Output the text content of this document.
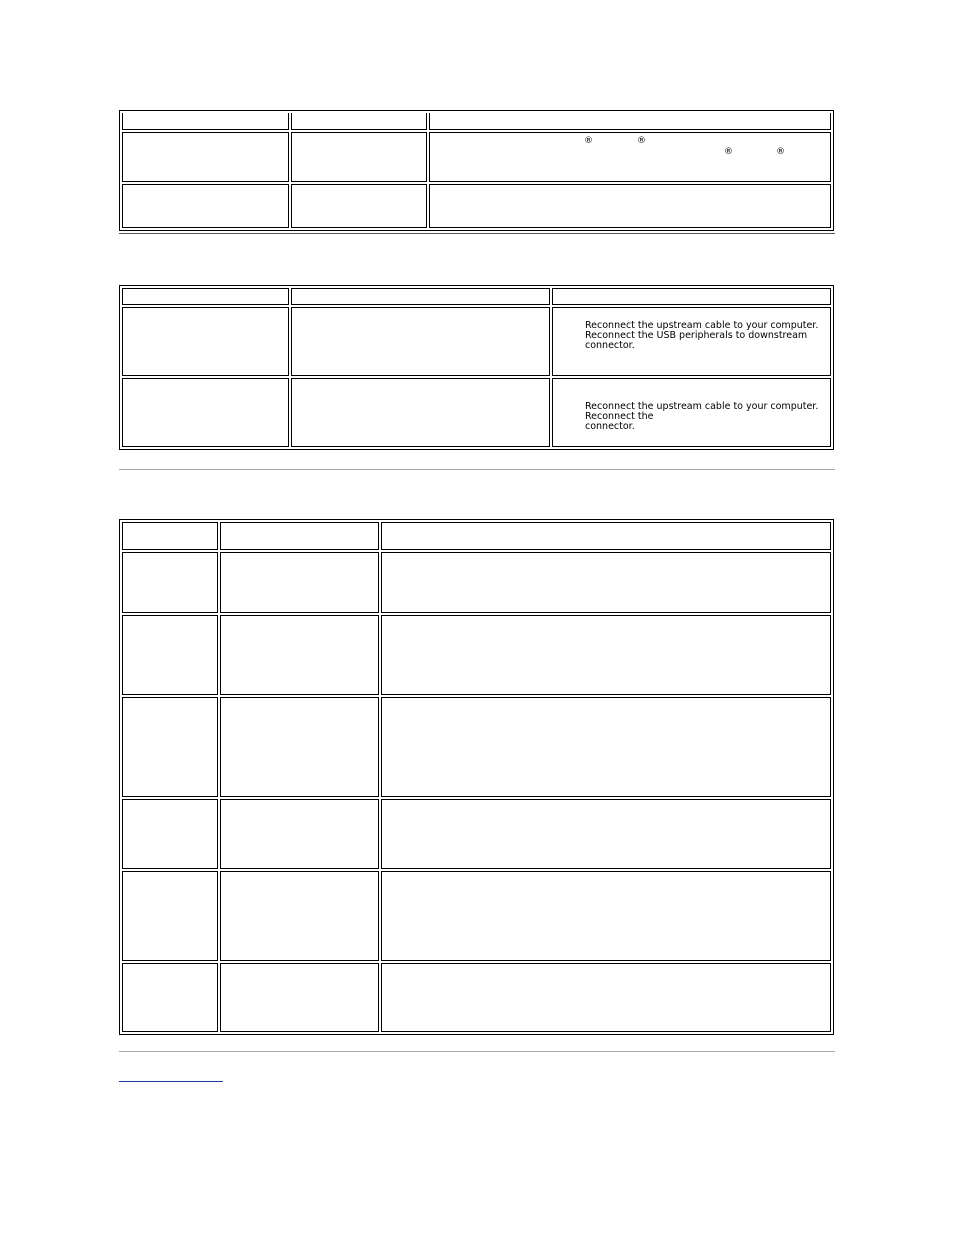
		® ®
® ®

		Reconnect the upstream cable to your computer.
Reconnect the USB peripherals to downstream
connector.

		Reconnect the upstream cable to your computer.
Reconnect the
connector.
